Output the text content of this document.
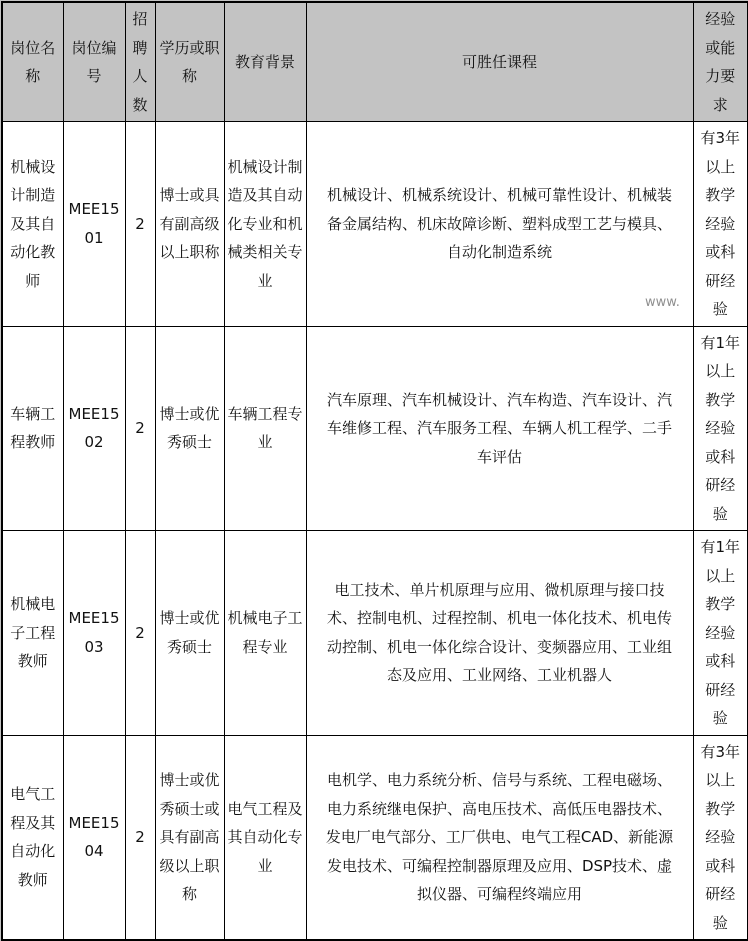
岗位名称	岗位编号	招聘人数	学历或职称	教育背景	可胜任课程	经验或能力要求
机械设计制造及其自动化教师	MEE1501	2	博士或具有副高级以上职称	机械设计制造及其自动化专业和机械类相关专业	机械设计、机械系统设计、机械可靠性设计、机械装备金属结构、机床故障诊断、塑料成型工艺与模具、自动化制造系统	有3年以上教学经验或科研经验
车辆工程教师	MEE1502	2	博士或优秀硕士	车辆工程专业	汽车原理、汽车机械设计、汽车构造、汽车设计、汽车维修工程、汽车服务工程、车辆人机工程学、二手车评估	有1年以上教学经验或科研经验
机械电子工程教师	MEE1503	2	博士或优秀硕士	机械电子工程专业	电工技术、单片机原理与应用、微机原理与接口技术、控制电机、过程控制、机电一体化技术、机电传动控制、机电一体化综合设计、变频器应用、工业组态及应用、工业网络、工业机器人	有1年以上教学经验或科研经验
电气工程及其自动化教师	MEE1504	2	博士或优秀硕士或具有副高级以上职称	电气工程及其自动化专业	电机学、电力系统分析、信号与系统、工程电磁场、电力系统继电保护、高电压技术、高低压电器技术、发电厂电气部分、工厂供电、电气工程CAD、新能源发电技术、可编程控制器原理及应用、DSP技术、虚拟仪器、可编程终端应用	有3年以上教学经验或科研经验
www.
